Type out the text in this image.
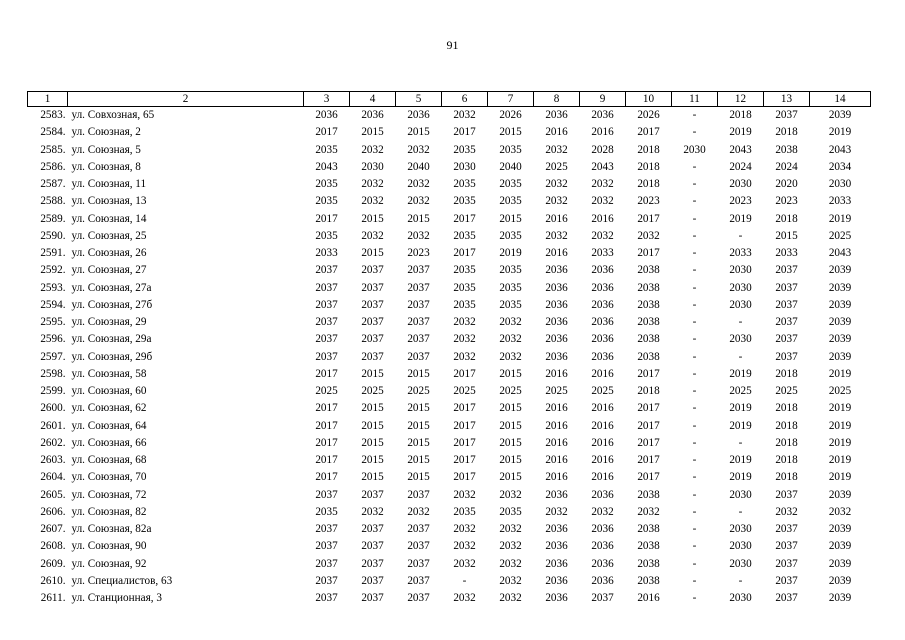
91
1	2	3	4	5	6	7	8	9	10	11	12	13	14
2583.	ул. Совхозная, 65	2036	2036	2036	2032	2026	2036	2036	2026	-	2018	2037	2039
2584.	ул. Союзная, 2	2017	2015	2015	2017	2015	2016	2016	2017	-	2019	2018	2019
2585.	ул. Союзная, 5	2035	2032	2032	2035	2035	2032	2028	2018	2030	2043	2038	2043
2586.	ул. Союзная, 8	2043	2030	2040	2030	2040	2025	2043	2018	-	2024	2024	2034
2587.	ул. Союзная, 11	2035	2032	2032	2035	2035	2032	2032	2018	-	2030	2020	2030
2588.	ул. Союзная, 13	2035	2032	2032	2035	2035	2032	2032	2023	-	2023	2023	2033
2589.	ул. Союзная, 14	2017	2015	2015	2017	2015	2016	2016	2017	-	2019	2018	2019
2590.	ул. Союзная, 25	2035	2032	2032	2035	2035	2032	2032	2032	-	-	2015	2025
2591.	ул. Союзная, 26	2033	2015	2023	2017	2019	2016	2033	2017	-	2033	2033	2043
2592.	ул. Союзная, 27	2037	2037	2037	2035	2035	2036	2036	2038	-	2030	2037	2039
2593.	ул. Союзная, 27а	2037	2037	2037	2035	2035	2036	2036	2038	-	2030	2037	2039
2594.	ул. Союзная, 27б	2037	2037	2037	2035	2035	2036	2036	2038	-	2030	2037	2039
2595.	ул. Союзная, 29	2037	2037	2037	2032	2032	2036	2036	2038	-	-	2037	2039
2596.	ул. Союзная, 29а	2037	2037	2037	2032	2032	2036	2036	2038	-	2030	2037	2039
2597.	ул. Союзная, 29б	2037	2037	2037	2032	2032	2036	2036	2038	-	-	2037	2039
2598.	ул. Союзная, 58	2017	2015	2015	2017	2015	2016	2016	2017	-	2019	2018	2019
2599.	ул. Союзная, 60	2025	2025	2025	2025	2025	2025	2025	2018	-	2025	2025	2025
2600.	ул. Союзная, 62	2017	2015	2015	2017	2015	2016	2016	2017	-	2019	2018	2019
2601.	ул. Союзная, 64	2017	2015	2015	2017	2015	2016	2016	2017	-	2019	2018	2019
2602.	ул. Союзная, 66	2017	2015	2015	2017	2015	2016	2016	2017	-	-	2018	2019
2603.	ул. Союзная, 68	2017	2015	2015	2017	2015	2016	2016	2017	-	2019	2018	2019
2604.	ул. Союзная, 70	2017	2015	2015	2017	2015	2016	2016	2017	-	2019	2018	2019
2605.	ул. Союзная, 72	2037	2037	2037	2032	2032	2036	2036	2038	-	2030	2037	2039
2606.	ул. Союзная, 82	2035	2032	2032	2035	2035	2032	2032	2032	-	-	2032	2032
2607.	ул. Союзная, 82а	2037	2037	2037	2032	2032	2036	2036	2038	-	2030	2037	2039
2608.	ул. Союзная, 90	2037	2037	2037	2032	2032	2036	2036	2038	-	2030	2037	2039
2609.	ул. Союзная, 92	2037	2037	2037	2032	2032	2036	2036	2038	-	2030	2037	2039
2610.	ул. Специалистов, 63	2037	2037	2037	-	2032	2036	2036	2038	-	-	2037	2039
2611.	ул. Станционная, 3	2037	2037	2037	2032	2032	2036	2037	2016	-	2030	2037	2039
